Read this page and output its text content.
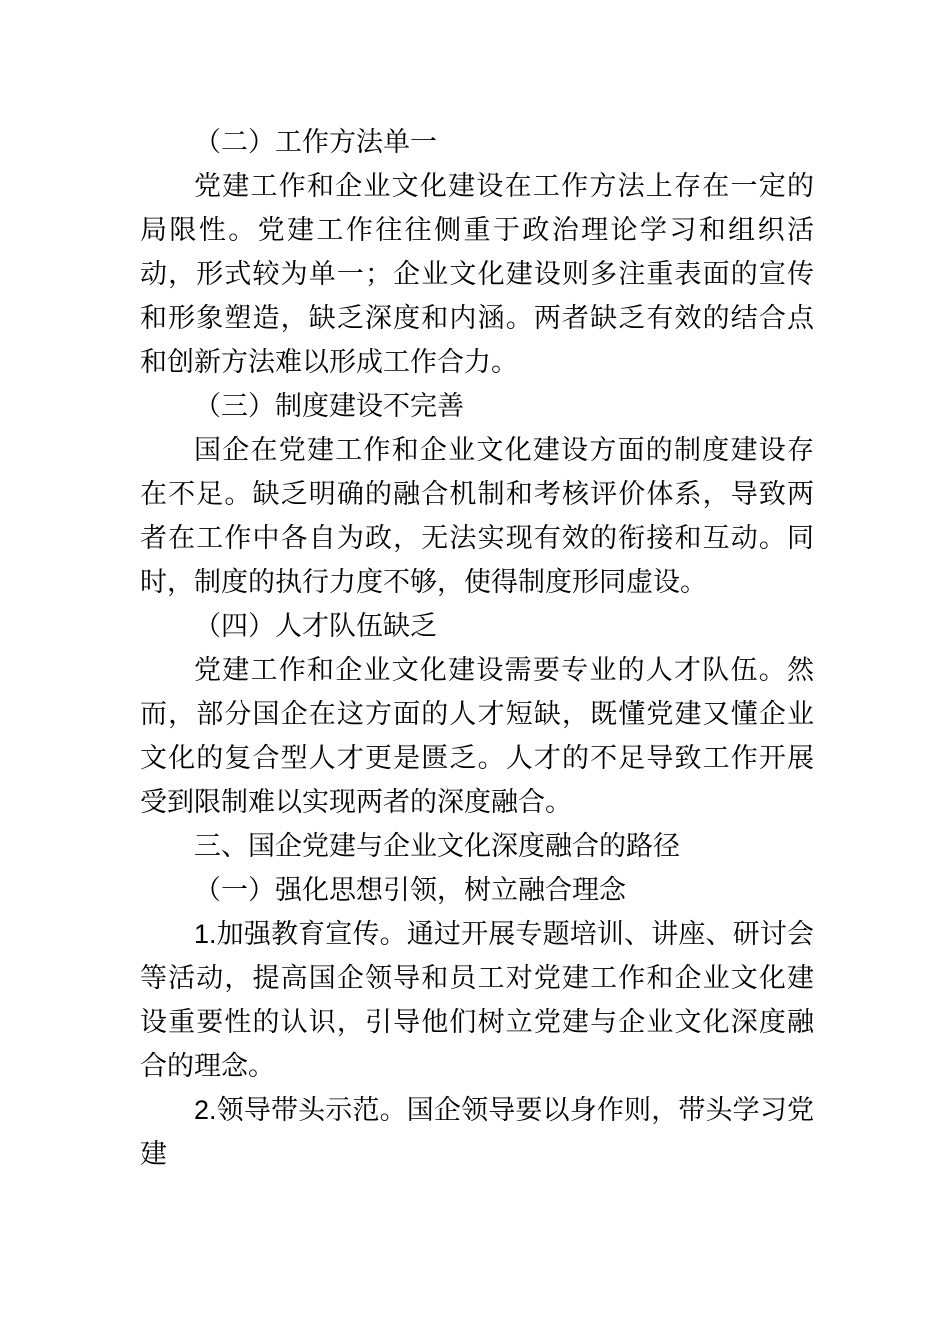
（二）工作方法单一

党建工作和企业文化建设在工作方法上存在一定的局限性。党建工作往往侧重于政治理论学习和组织活动，形式较为单一；企业文化建设则多注重表面的宣传和形象塑造，缺乏深度和内涵。两者缺乏有效的结合点和创新方法难以形成工作合力。

（三）制度建设不完善

国企在党建工作和企业文化建设方面的制度建设存在不足。缺乏明确的融合机制和考核评价体系，导致两者在工作中各自为政，无法实现有效的衔接和互动。同时，制度的执行力度不够，使得制度形同虚设。

（四）人才队伍缺乏

党建工作和企业文化建设需要专业的人才队伍。然而，部分国企在这方面的人才短缺，既懂党建又懂企业文化的复合型人才更是匮乏。人才的不足导致工作开展受到限制难以实现两者的深度融合。

三、国企党建与企业文化深度融合的路径

（一）强化思想引领，树立融合理念

1.加强教育宣传。通过开展专题培训、讲座、研讨会等活动，提高国企领导和员工对党建工作和企业文化建设重要性的认识，引导他们树立党建与企业文化深度融合的理念。

2.领导带头示范。国企领导要以身作则，带头学习党建
